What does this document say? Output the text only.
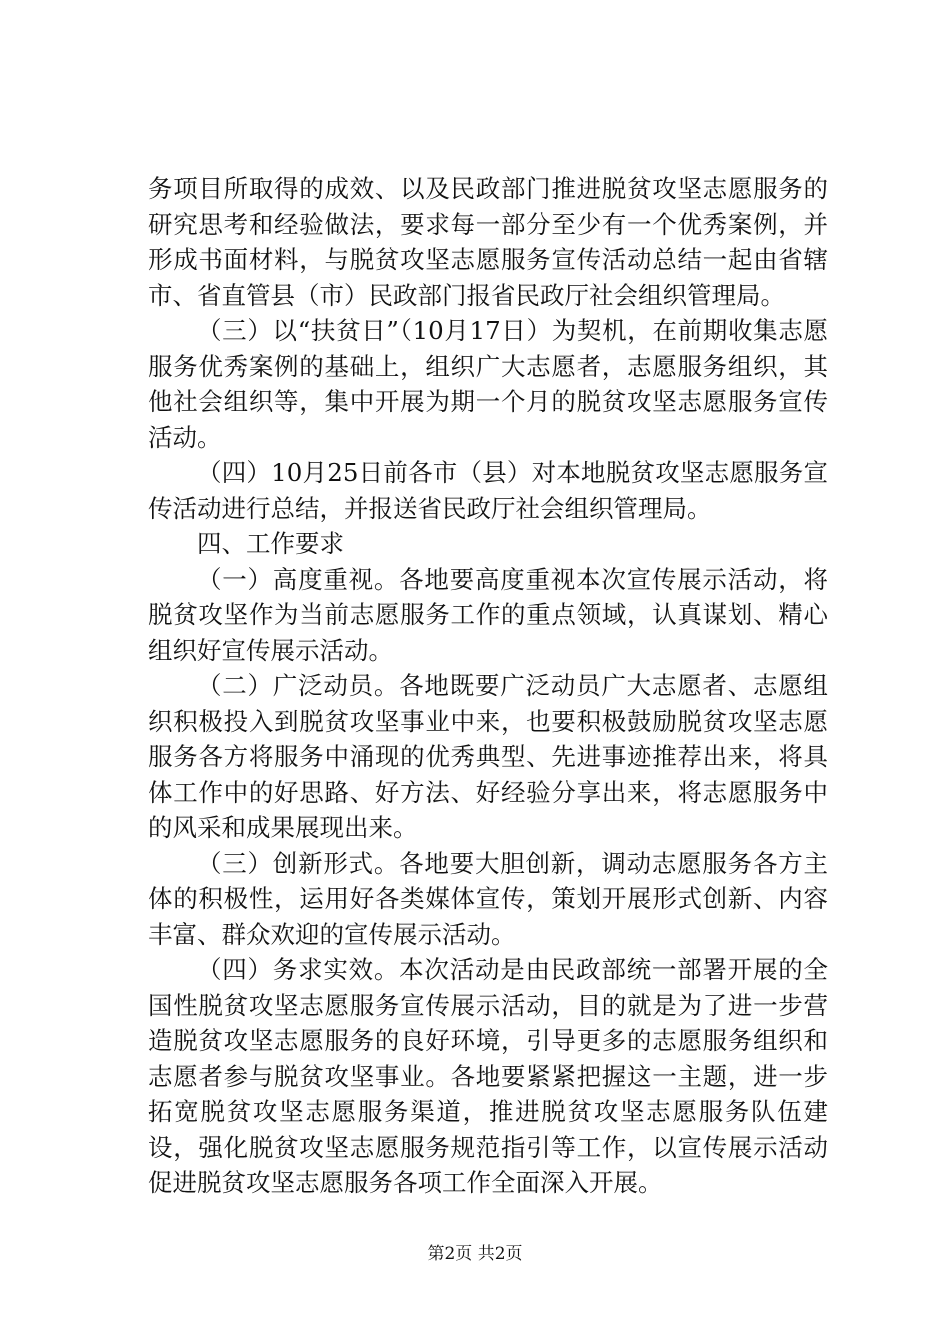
务项目所取得的成效、以及民政部门推进脱贫攻坚志愿服务的研究思考和经验做法，要求每一部分至少有一个优秀案例，并形成书面材料，与脱贫攻坚志愿服务宣传活动总结一起由省辖市、省直管县（市）民政部门报省民政厅社会组织管理局。

（三）以“扶贫日”（10月17日）为契机，在前期收集志愿服务优秀案例的基础上，组织广大志愿者，志愿服务组织，其他社会组织等，集中开展为期一个月的脱贫攻坚志愿服务宣传活动。

（四）10月25日前各市（县）对本地脱贫攻坚志愿服务宣传活动进行总结，并报送省民政厅社会组织管理局。

四、工作要求

（一）高度重视。各地要高度重视本次宣传展示活动，将脱贫攻坚作为当前志愿服务工作的重点领域，认真谋划、精心组织好宣传展示活动。

（二）广泛动员。各地既要广泛动员广大志愿者、志愿组织积极投入到脱贫攻坚事业中来，也要积极鼓励脱贫攻坚志愿服务各方将服务中涌现的优秀典型、先进事迹推荐出来，将具体工作中的好思路、好方法、好经验分享出来，将志愿服务中的风采和成果展现出来。

（三）创新形式。各地要大胆创新，调动志愿服务各方主体的积极性，运用好各类媒体宣传，策划开展形式创新、内容丰富、群众欢迎的宣传展示活动。

（四）务求实效。本次活动是由民政部统一部署开展的全国性脱贫攻坚志愿服务宣传展示活动，目的就是为了进一步营造脱贫攻坚志愿服务的良好环境，引导更多的志愿服务组织和志愿者参与脱贫攻坚事业。各地要紧紧把握这一主题，进一步拓宽脱贫攻坚志愿服务渠道，推进脱贫攻坚志愿服务队伍建设，强化脱贫攻坚志愿服务规范指引等工作，以宣传展示活动促进脱贫攻坚志愿服务各项工作全面深入开展。

第2页 共2页
